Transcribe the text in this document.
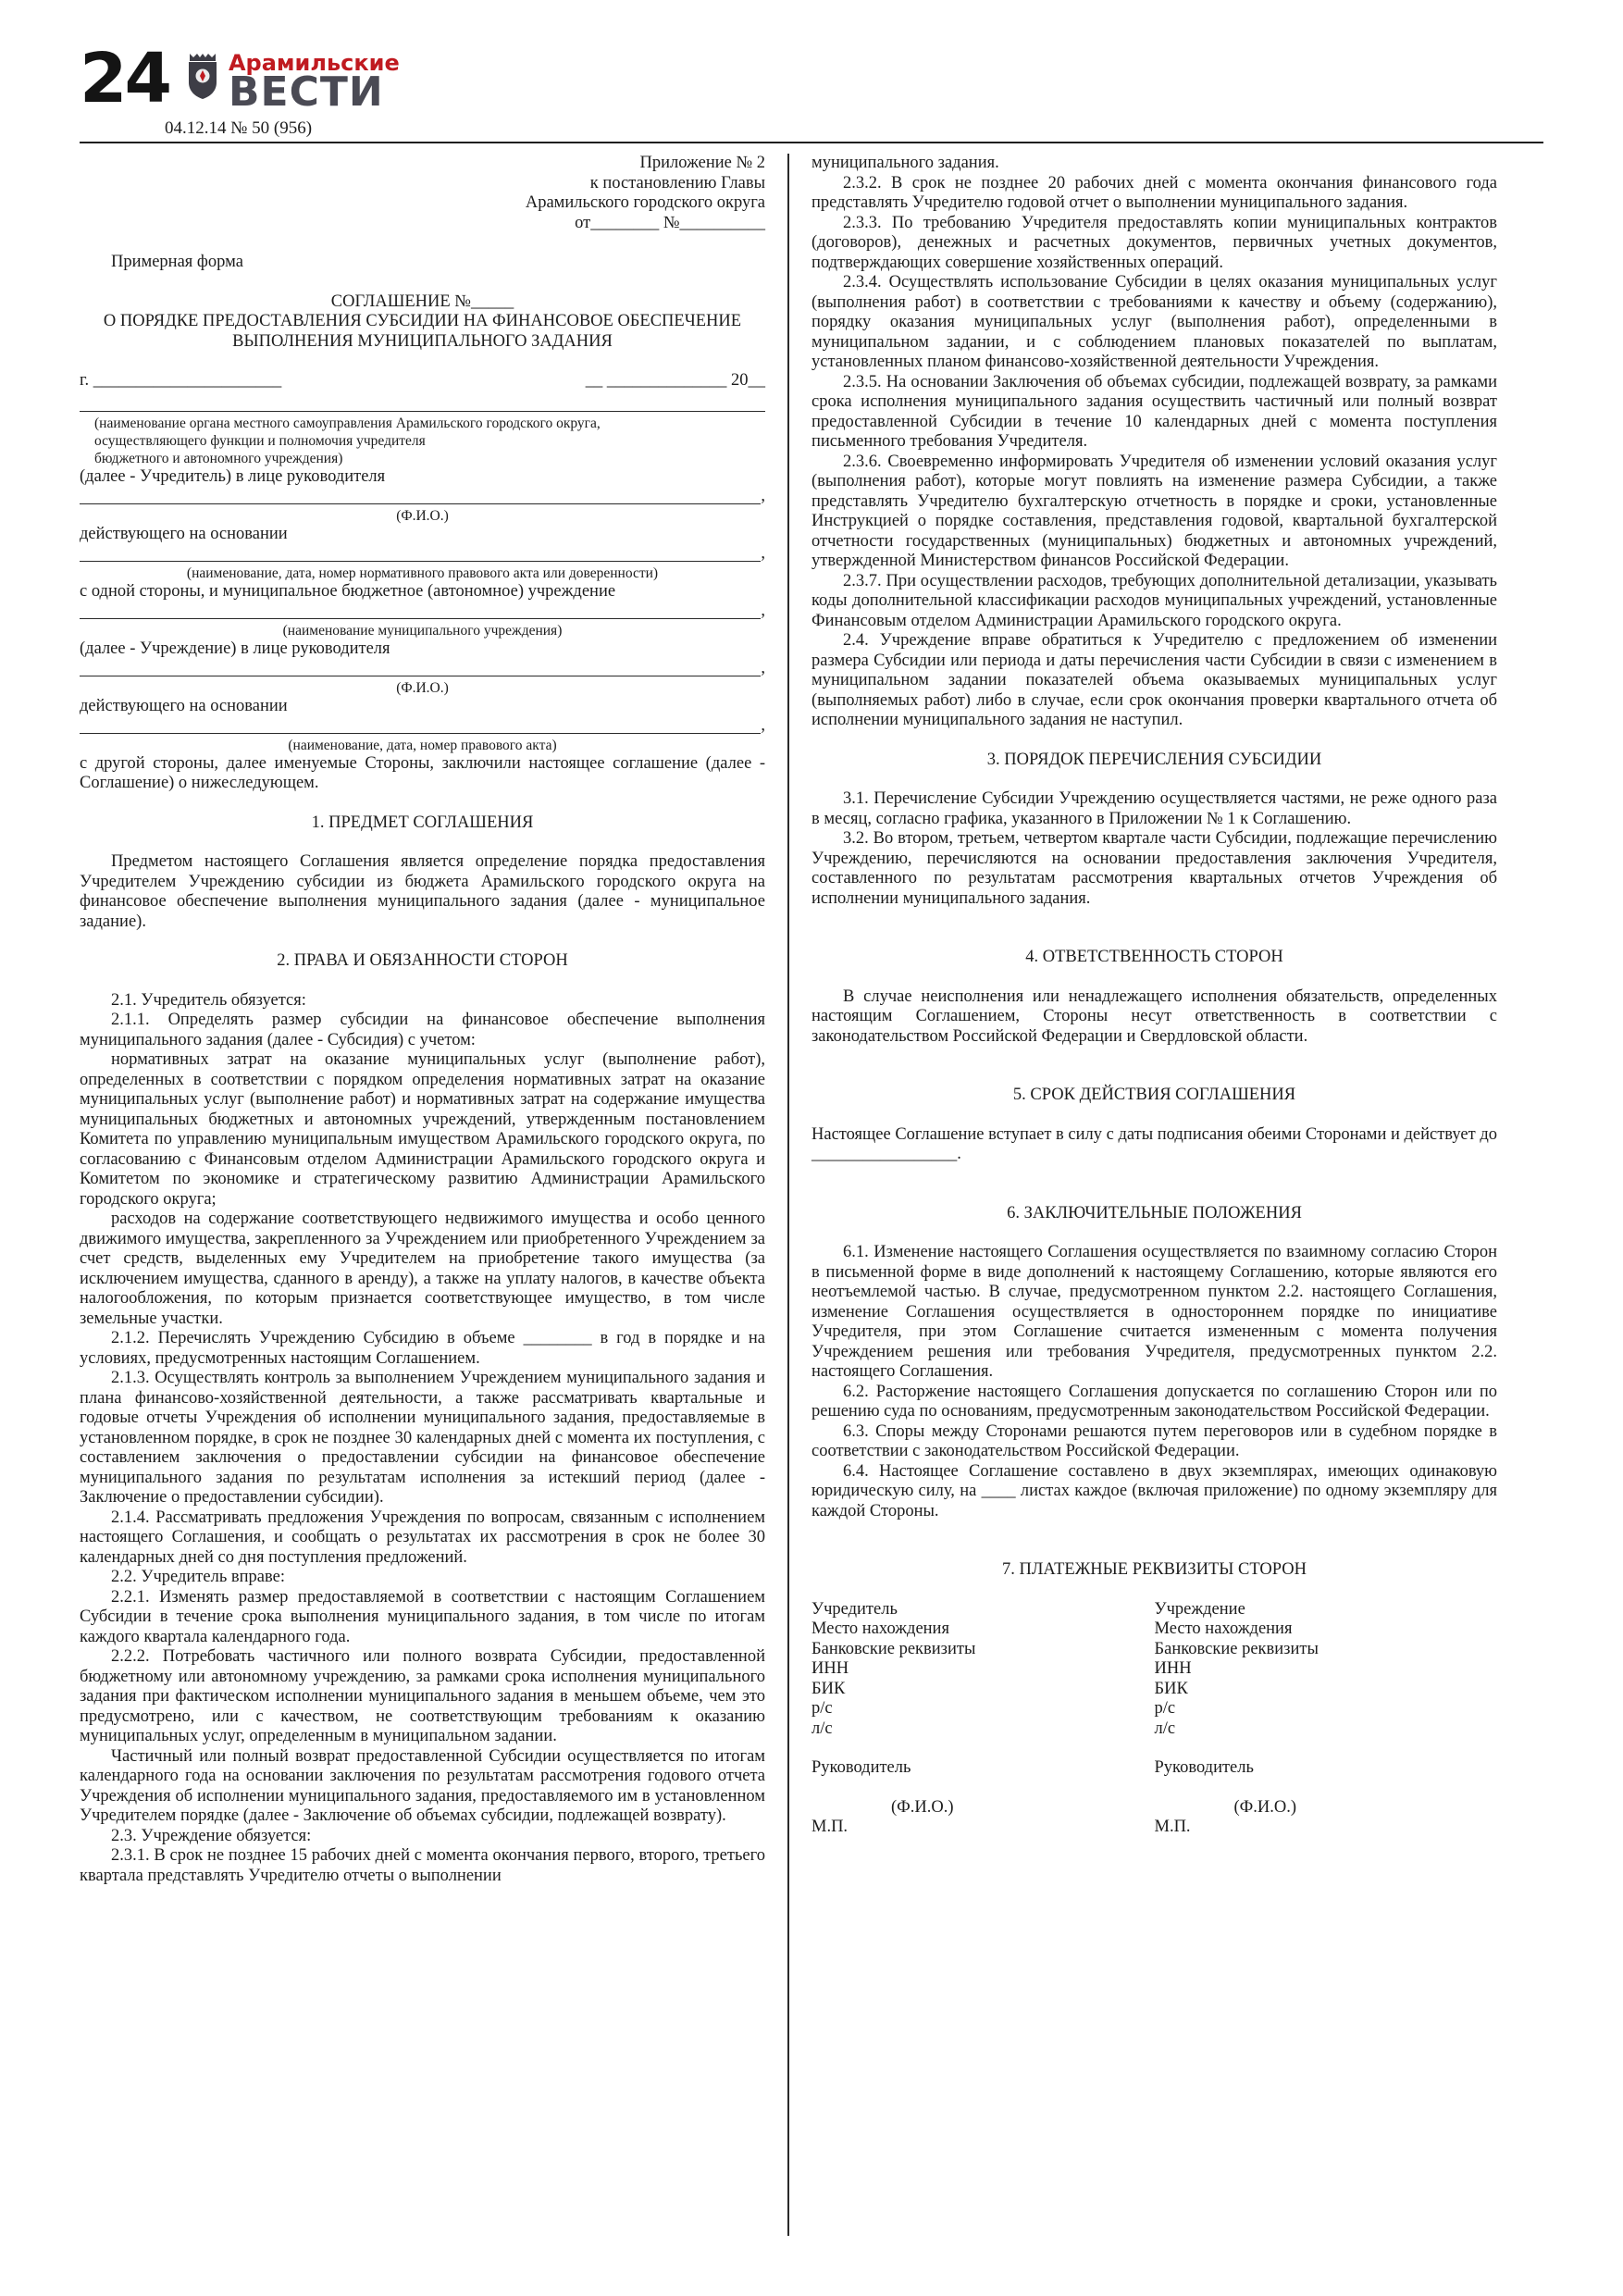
24	Арамильские
ВЕСТИ
04.12.14 № 50 (956)
Приложение № 2
к постановлению Главы
Арамильского городского округа
от________ №__________
Примерная форма
СОГЛАШЕНИЕ №_____
О ПОРЯДКЕ ПРЕДОСТАВЛЕНИЯ СУБСИДИИ НА ФИНАНСОВОЕ ОБЕСПЕЧЕНИЕ ВЫПОЛНЕНИЯ МУНИЦИПАЛЬНОГО ЗАДАНИЯ
г. ______________________	__ ______________ 20__
(наименование органа местного самоуправления Арамильского городского округа,
осуществляющего функции и полномочия учредителя
бюджетного и автономного учреждения)
(далее - Учредитель) в лице руководителя
,
(Ф.И.О.)
действующего на основании
,
(наименование, дата, номер нормативного правового акта или доверенности)
с одной стороны, и муниципальное бюджетное (автономное) учреждение
,
(наименование муниципального учреждения)
(далее - Учреждение) в лице руководителя
,
(Ф.И.О.)
действующего на основании
,
(наименование, дата, номер правового акта)
с другой стороны, далее именуемые Стороны, заключили настоящее соглашение (далее - Соглашение) о нижеследующем.
1. ПРЕДМЕТ СОГЛАШЕНИЯ
Предметом настоящего Соглашения является определение порядка предоставления Учредителем Учреждению субсидии из бюджета Арамильского городского округа на финансовое обеспечение выполнения муниципального задания (далее - муниципальное задание).
2. ПРАВА И ОБЯЗАННОСТИ СТОРОН
2.1. Учредитель обязуется:
2.1.1. Определять размер субсидии на финансовое обеспечение выполнения муниципального задания (далее - Субсидия) с учетом:
нормативных затрат на оказание муниципальных услуг (выполнение работ), определенных в соответствии с порядком определения нормативных затрат на оказание муниципальных услуг (выполнение работ) и нормативных затрат на содержание имущества муниципальных бюджетных и автономных учреждений, утвержденным постановлением Комитета по управлению муниципальным имуществом Арамильского городского округа, по согласованию с Финансовым отделом Администрации Арамильского городского округа и Комитетом по экономике и стратегическому развитию Администрации Арамильского городского округа;
расходов на содержание соответствующего недвижимого имущества и особо ценного движимого имущества, закрепленного за Учреждением или приобретенного Учреждением за счет средств, выделенных ему Учредителем на приобретение такого имущества (за исключением имущества, сданного в аренду), а также на уплату налогов, в качестве объекта налогообложения, по которым признается соответствующее имущество, в том числе земельные участки.
2.1.2. Перечислять Учреждению Субсидию в объеме ________ в год в порядке и на условиях, предусмотренных настоящим Соглашением.
2.1.3. Осуществлять контроль за выполнением Учреждением муниципального задания и плана финансово-хозяйственной деятельности, а также рассматривать квартальные и годовые отчеты Учреждения об исполнении муниципального задания, предоставляемые в установленном порядке, в срок не позднее 30 календарных дней с момента их поступления, с составлением заключения о предоставлении субсидии на финансовое обеспечение муниципального задания по результатам исполнения за истекший период (далее - Заключение о предоставлении субсидии).
2.1.4. Рассматривать предложения Учреждения по вопросам, связанным с исполнением настоящего Соглашения, и сообщать о результатах их рассмотрения в срок не более 30 календарных дней со дня поступления предложений.
2.2. Учредитель вправе:
2.2.1. Изменять размер предоставляемой в соответствии с настоящим Соглашением Субсидии в течение срока выполнения муниципального задания, в том числе по итогам каждого квартала календарного года.
2.2.2. Потребовать частичного или полного возврата Субсидии, предоставленной бюджетному или автономному учреждению, за рамками срока исполнения муниципального задания при фактическом исполнении муниципального задания в меньшем объеме, чем это предусмотрено, или с качеством, не соответствующим требованиям к оказанию муниципальных услуг, определенным в муниципальном задании.
Частичный или полный возврат предоставленной Субсидии осуществляется по итогам календарного года на основании заключения по результатам рассмотрения годового отчета Учреждения об исполнении муниципального задания, предоставляемого им в установленном Учредителем порядке (далее - Заключение об объемах субсидии, подлежащей возврату).
2.3. Учреждение обязуется:
2.3.1. В срок не позднее 15 рабочих дней с момента окончания первого, второго, третьего квартала представлять Учредителю отчеты о выполнении
муниципального задания.
2.3.2. В срок не позднее 20 рабочих дней с момента окончания финансового года представлять Учредителю годовой отчет о выполнении муниципального задания.
2.3.3. По требованию Учредителя предоставлять копии муниципальных контрактов (договоров), денежных и расчетных документов, первичных учетных документов, подтверждающих совершение хозяйственных операций.
2.3.4. Осуществлять использование Субсидии в целях оказания муниципальных услуг (выполнения работ) в соответствии с требованиями к качеству и объему (содержанию), порядку оказания муниципальных услуг (выполнения работ), определенными в муниципальном задании, и с соблюдением плановых показателей по выплатам, установленных планом финансово-хозяйственной деятельности Учреждения.
2.3.5. На основании Заключения об объемах субсидии, подлежащей возврату, за рамками срока исполнения муниципального задания осуществить частичный или полный возврат предоставленной Субсидии в течение 10 календарных дней с момента поступления письменного требования Учредителя.
2.3.6. Своевременно информировать Учредителя об изменении условий оказания услуг (выполнения работ), которые могут повлиять на изменение размера Субсидии, а также представлять Учредителю бухгалтерскую отчетность в порядке и сроки, установленные Инструкцией о порядке составления, представления годовой, квартальной бухгалтерской отчетности государственных (муниципальных) бюджетных и автономных учреждений, утвержденной Министерством финансов Российской Федерации.
2.3.7. При осуществлении расходов, требующих дополнительной детализации, указывать коды дополнительной классификации расходов муниципальных учреждений, установленные Финансовым отделом Администрации Арамильского городского округа.
2.4. Учреждение вправе обратиться к Учредителю с предложением об изменении размера Субсидии или периода и даты перечисления части Субсидии в связи с изменением в муниципальном задании показателей объема оказываемых муниципальных услуг (выполняемых работ) либо в случае, если срок окончания проверки квартального отчета об исполнении муниципального задания не наступил.
3. ПОРЯДОК ПЕРЕЧИСЛЕНИЯ СУБСИДИИ
3.1. Перечисление Субсидии Учреждению осуществляется частями, не реже одного раза в месяц, согласно графика, указанного в Приложении № 1 к Соглашению.
3.2. Во втором, третьем, четвертом квартале части Субсидии, подлежащие перечислению Учреждению, перечисляются на основании предоставления заключения Учредителя, составленного по результатам рассмотрения квартальных отчетов Учреждения об исполнении муниципального задания.
4. ОТВЕТСТВЕННОСТЬ СТОРОН
В случае неисполнения или ненадлежащего исполнения обязательств, определенных настоящим Соглашением, Стороны несут ответственность в соответствии с законодательством Российской Федерации и Свердловской области.
5. СРОК ДЕЙСТВИЯ СОГЛАШЕНИЯ
Настоящее Соглашение вступает в силу с даты подписания обеими Сторонами и действует до _________________.
6. ЗАКЛЮЧИТЕЛЬНЫЕ ПОЛОЖЕНИЯ
6.1. Изменение настоящего Соглашения осуществляется по взаимному согласию Сторон в письменной форме в виде дополнений к настоящему Соглашению, которые являются его неотъемлемой частью. В случае, предусмотренном пунктом 2.2. настоящего Соглашения, изменение Соглашения осуществляется в одностороннем порядке по инициативе Учредителя, при этом Соглашение считается измененным с момента получения Учреждением решения или требования Учредителя, предусмотренных пунктом 2.2. настоящего Соглашения.
6.2. Расторжение настоящего Соглашения допускается по соглашению Сторон или по решению суда по основаниям, предусмотренным законодательством Российской Федерации.
6.3. Споры между Сторонами решаются путем переговоров или в судебном порядке в соответствии с законодательством Российской Федерации.
6.4. Настоящее Соглашение составлено в двух экземплярах, имеющих одинаковую юридическую силу, на ____ листах каждое (включая приложение) по одному экземпляру для каждой Стороны.
7. ПЛАТЕЖНЫЕ РЕКВИЗИТЫ СТОРОН
Учредитель	Учреждение
Место нахождения	Место нахождения
Банковские реквизиты	Банковские реквизиты
ИНН	ИНН
БИК	БИК
р/с	р/с
л/с	л/с
Руководитель	Руководитель
(Ф.И.О.)	(Ф.И.О.)
М.П.	М.П.
